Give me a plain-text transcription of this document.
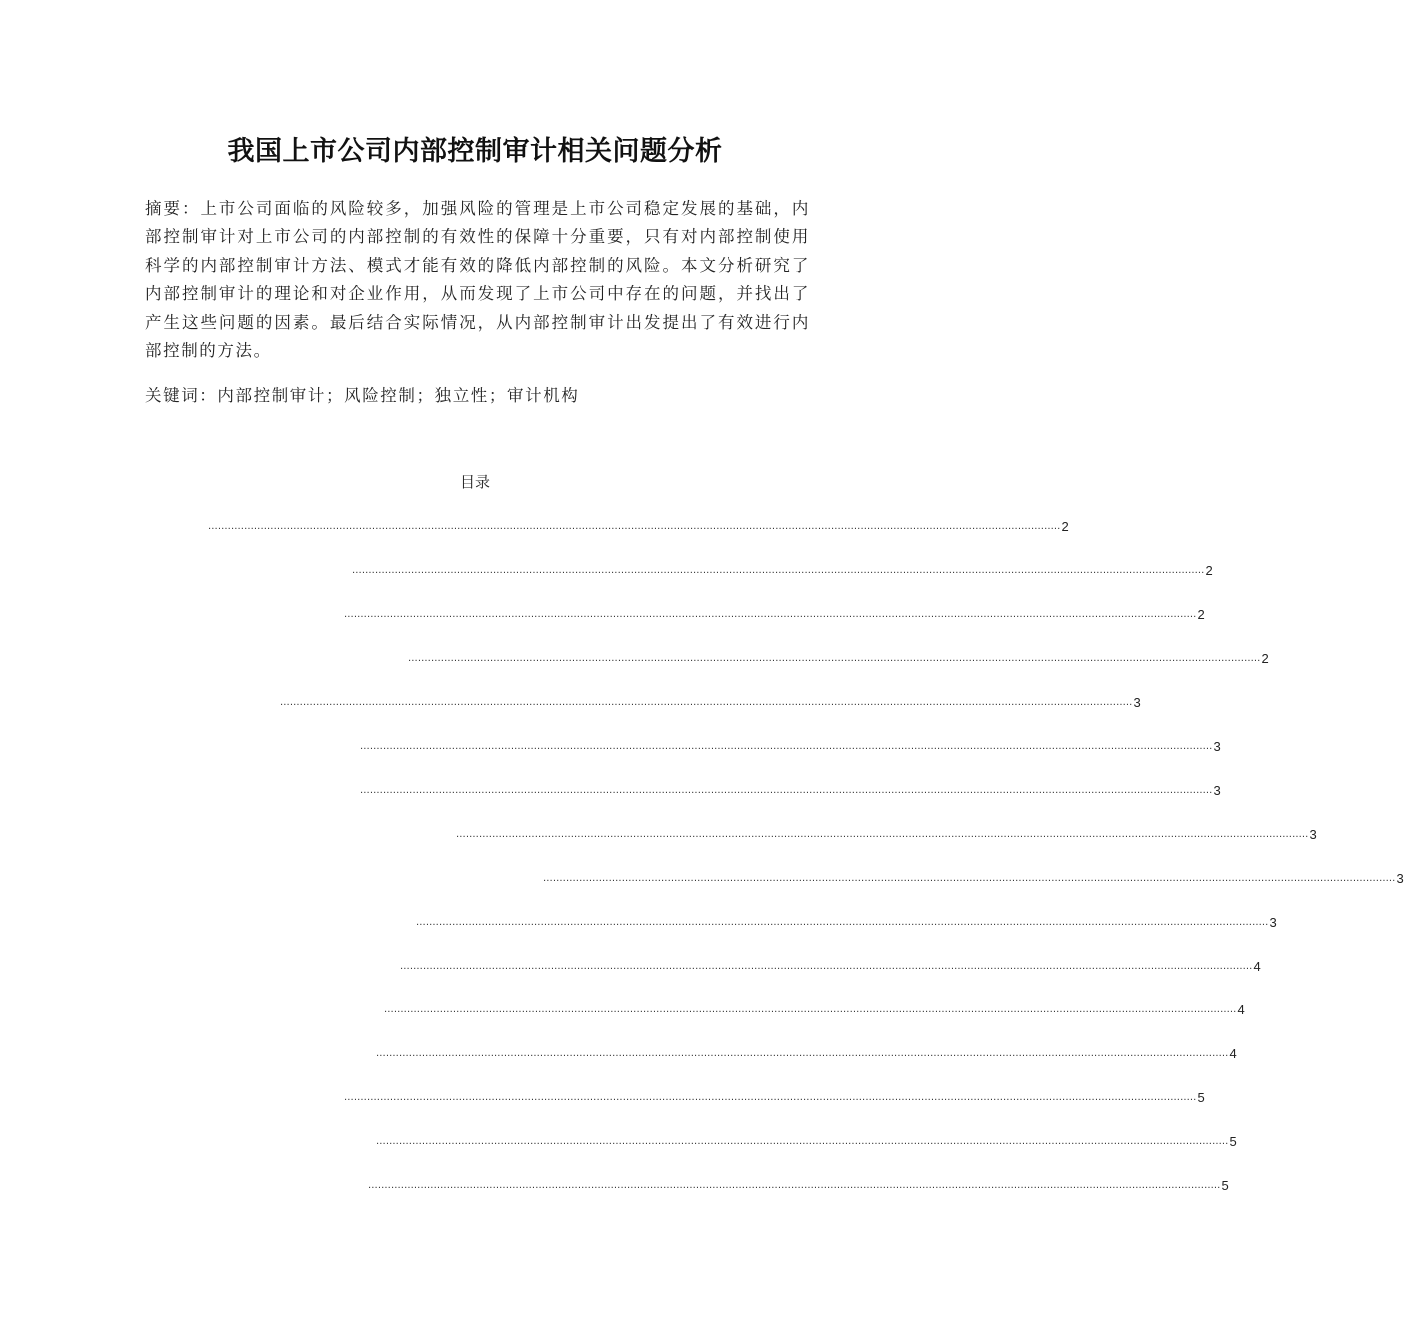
我国上市公司内部控制审计相关问题分析

摘要：上市公司面临的风险较多，加强风险的管理是上市公司稳定发展的基础，内部控制审计对上市公司的内部控制的有效性的保障十分重要，只有对内部控制使用科学的内部控制审计方法、模式才能有效的降低内部控制的风险。本文分析研究了内部控制审计的理论和对企业作用，从而发现了上市公司中存在的问题，并找出了产生这些问题的因素。最后结合实际情况，从内部控制审计出发提出了有效进行内部控制的方法。

关键词：内部控制审计；风险控制；独立性；审计机构

目录
.................................................................................................................................................................................................................................................................... 2
.................................................................................................................................................................................................................................................................... 2
.................................................................................................................................................................................................................................................................... 2
.................................................................................................................................................................................................................................................................... 2
.................................................................................................................................................................................................................................................................... 3
.................................................................................................................................................................................................................................................................... 3
.................................................................................................................................................................................................................................................................... 3
.................................................................................................................................................................................................................................................................... 3
.................................................................................................................................................................................................................................................................... 3
.................................................................................................................................................................................................................................................................... 3
.................................................................................................................................................................................................................................................................... 4
.................................................................................................................................................................................................................................................................... 4
.................................................................................................................................................................................................................................................................... 4
.................................................................................................................................................................................................................................................................... 5
.................................................................................................................................................................................................................................................................... 5
.................................................................................................................................................................................................................................................................... 5
